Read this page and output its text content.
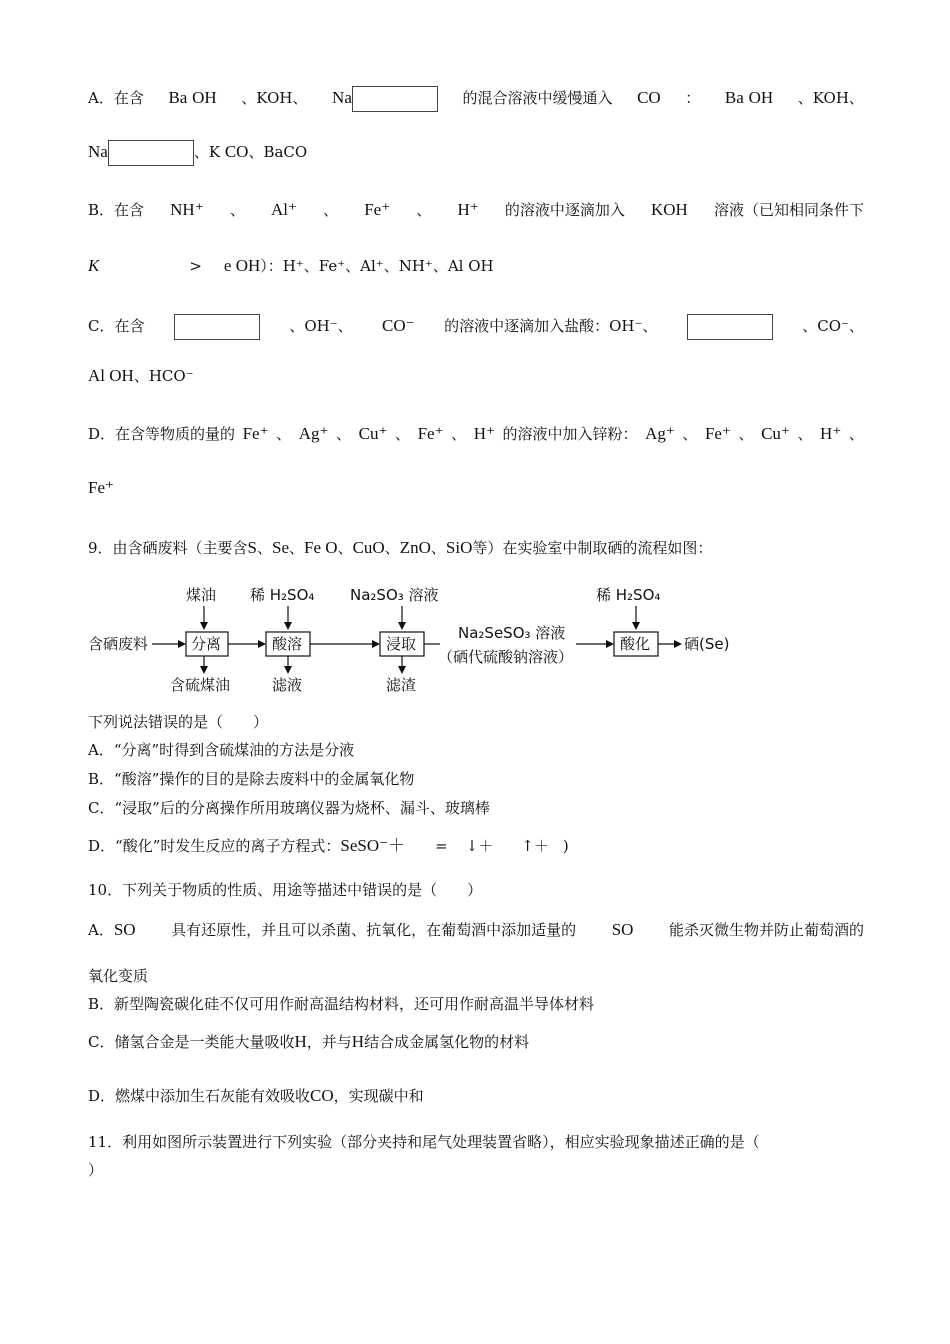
A．在含 Ba OH 、KOH、 Na	的混合溶液中缓慢通入 CO ： Ba OH 、KOH、
Na	、K CO、BaCO
B．在含 NH⁺ 、 Al⁺ 、 Fe⁺ 、 H⁺ 的溶液中逐滴加入 KOH 溶液（已知相同条件下
K	> e OH）：H⁺、Fe⁺、Al⁺、NH⁺、Al OH
C．在含	、OH⁻、 CO⁻ 的溶液中逐滴加入盐酸：OH⁻、	、CO⁻、
Al OH、HCO⁻
D．在含等物质的量的 Fe⁺ 、 Ag⁺ 、 Cu⁺ 、 Fe⁺ 、 H⁺ 的溶液中加入锌粉： Ag⁺ 、 Fe⁺ 、 Cu⁺ 、 H⁺ 、
Fe⁺
9．由含硒废料（主要含S、Se、Fe O、CuO、ZnO、SiO等）在实验室中制取硒的流程如图：
含硒废料
煤油
分离
含硫煤油
稀 H₂SO₄
酸溶
滤液
Na₂SO₃ 溶液
浸取
滤渣
Na₂SeSO₃ 溶液
（硒代硫酸钠溶液）
稀 H₂SO₄
酸化 硒(Se)
下列说法错误的是（　　）
A．“分离”时得到含硫煤油的方法是分液
B．“酸溶”操作的目的是除去废料中的金属氧化物
C．“浸取”后的分离操作所用玻璃仪器为烧杯、漏斗、玻璃棒
D．“酸化”时发生反应的离子方程式：SeSO⁻＋ = ↓＋ ↑＋ )
10．下列关于物质的性质、用途等描述中错误的是（　　）
A．SO 具有还原性，并且可以杀菌、抗氧化，在葡萄酒中添加适量的 SO 能杀灭微生物并防止葡萄酒的
氧化变质
B．新型陶瓷碳化硅不仅可用作耐高温结构材料，还可用作耐高温半导体材料
C．储氢合金是一类能大量吸收H，并与H结合成金属氢化物的材料
D．燃煤中添加生石灰能有效吸收CO，实现碳中和
11．利用如图所示装置进行下列实验（部分夹持和尾气处理装置省略），相应实验现象描述正确的是（
）
